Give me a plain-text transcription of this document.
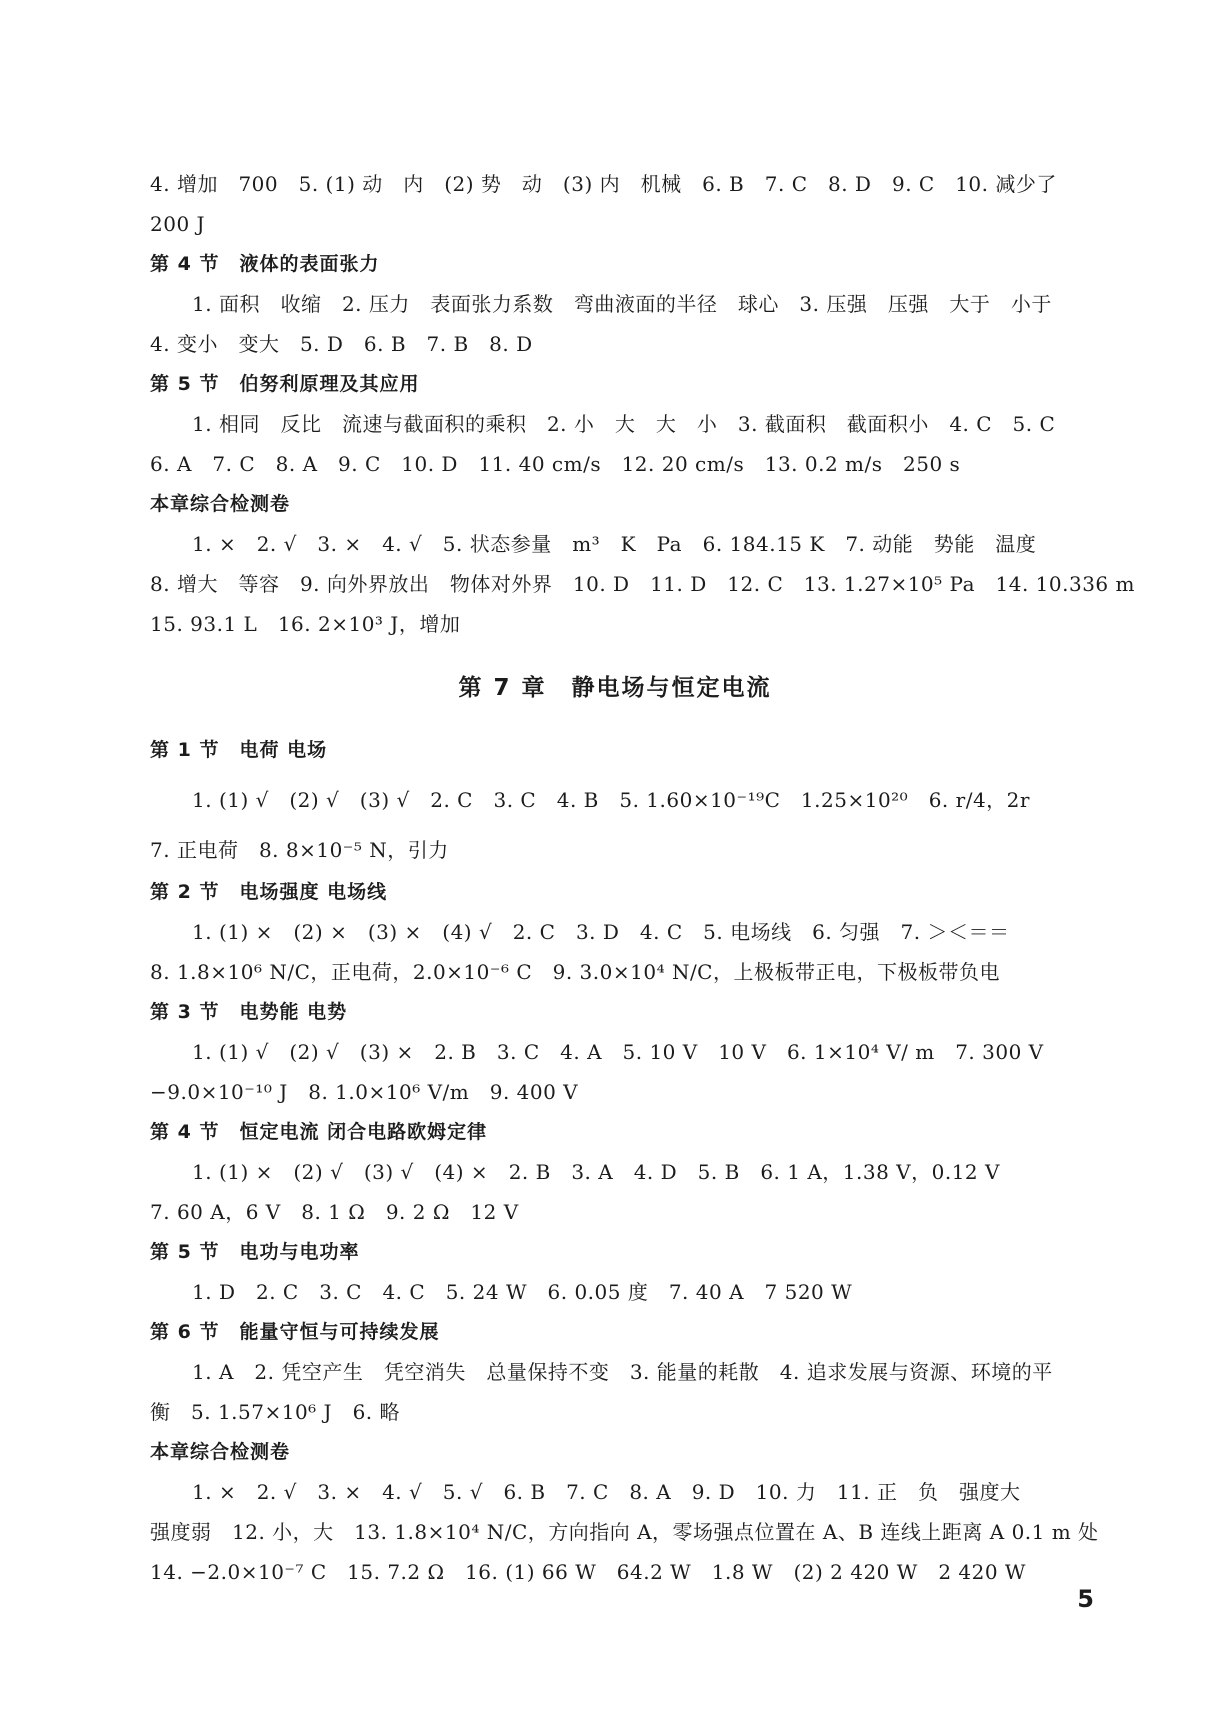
4. 增加　700　5. (1) 动　内　(2) 势　动　(3) 内　机械　6. B　7. C　8. D　9. C　10. 减少了
200 J
第 4 节　液体的表面张力
1. 面积　收缩　2. 压力　表面张力系数　弯曲液面的半径　球心　3. 压强　压强　大于　小于
4. 变小　变大　5. D　6. B　7. B　8. D
第 5 节　伯努利原理及其应用
1. 相同　反比　流速与截面积的乘积　2. 小　大　大　小　3. 截面积　截面积小　4. C　5. C
6. A　7. C　8. A　9. C　10. D　11. 40 cm/s　12. 20 cm/s　13. 0.2 m/s　250 s
本章综合检测卷
1. ×　2. √　3. ×　4. √　5. 状态参量　m³　K　Pa　6. 184.15 K　7. 动能　势能　温度
8. 增大　等容　9. 向外界放出　物体对外界　10. D　11. D　12. C　13. 1.27×10⁵ Pa　14. 10.336 m
15. 93.1 L　16. 2×10³ J，增加
第 7 章　静电场与恒定电流
第 1 节　电荷 电场
1. (1) √　(2) √　(3) √　2. C　3. C　4. B　5. 1.60×10⁻¹⁹C　1.25×10²⁰　6. r/4，2r
7. 正电荷　8. 8×10⁻⁵ N，引力
第 2 节　电场强度 电场线
1. (1) ×　(2) ×　(3) ×　(4) √　2. C　3. D　4. C　5. 电场线　6. 匀强　7. ＞＜＝＝
8. 1.8×10⁶ N/C，正电荷，2.0×10⁻⁶ C　9. 3.0×10⁴ N/C，上极板带正电，下极板带负电
第 3 节　电势能 电势
1. (1) √　(2) √　(3) ×　2. B　3. C　4. A　5. 10 V　10 V　6. 1×10⁴ V/ m　7. 300 V
−9.0×10⁻¹⁰ J　8. 1.0×10⁶ V/m　9. 400 V
第 4 节　恒定电流 闭合电路欧姆定律
1. (1) ×　(2) √　(3) √　(4) ×　2. B　3. A　4. D　5. B　6. 1 A，1.38 V，0.12 V
7. 60 A，6 V　8. 1 Ω　9. 2 Ω　12 V
第 5 节　电功与电功率
1. D　2. C　3. C　4. C　5. 24 W　6. 0.05 度　7. 40 A　7 520 W
第 6 节　能量守恒与可持续发展
1. A　2. 凭空产生　凭空消失　总量保持不变　3. 能量的耗散　4. 追求发展与资源、环境的平
衡　5. 1.57×10⁶ J　6. 略
本章综合检测卷
1. ×　2. √　3. ×　4. √　5. √　6. B　7. C　8. A　9. D　10. 力　11. 正　负　强度大
强度弱　12. 小，大　13. 1.8×10⁴ N/C，方向指向 A，零场强点位置在 A、B 连线上距离 A 0.1 m 处
14. −2.0×10⁻⁷ C　15. 7.2 Ω　16. (1) 66 W　64.2 W　1.8 W　(2) 2 420 W　2 420 W
5
